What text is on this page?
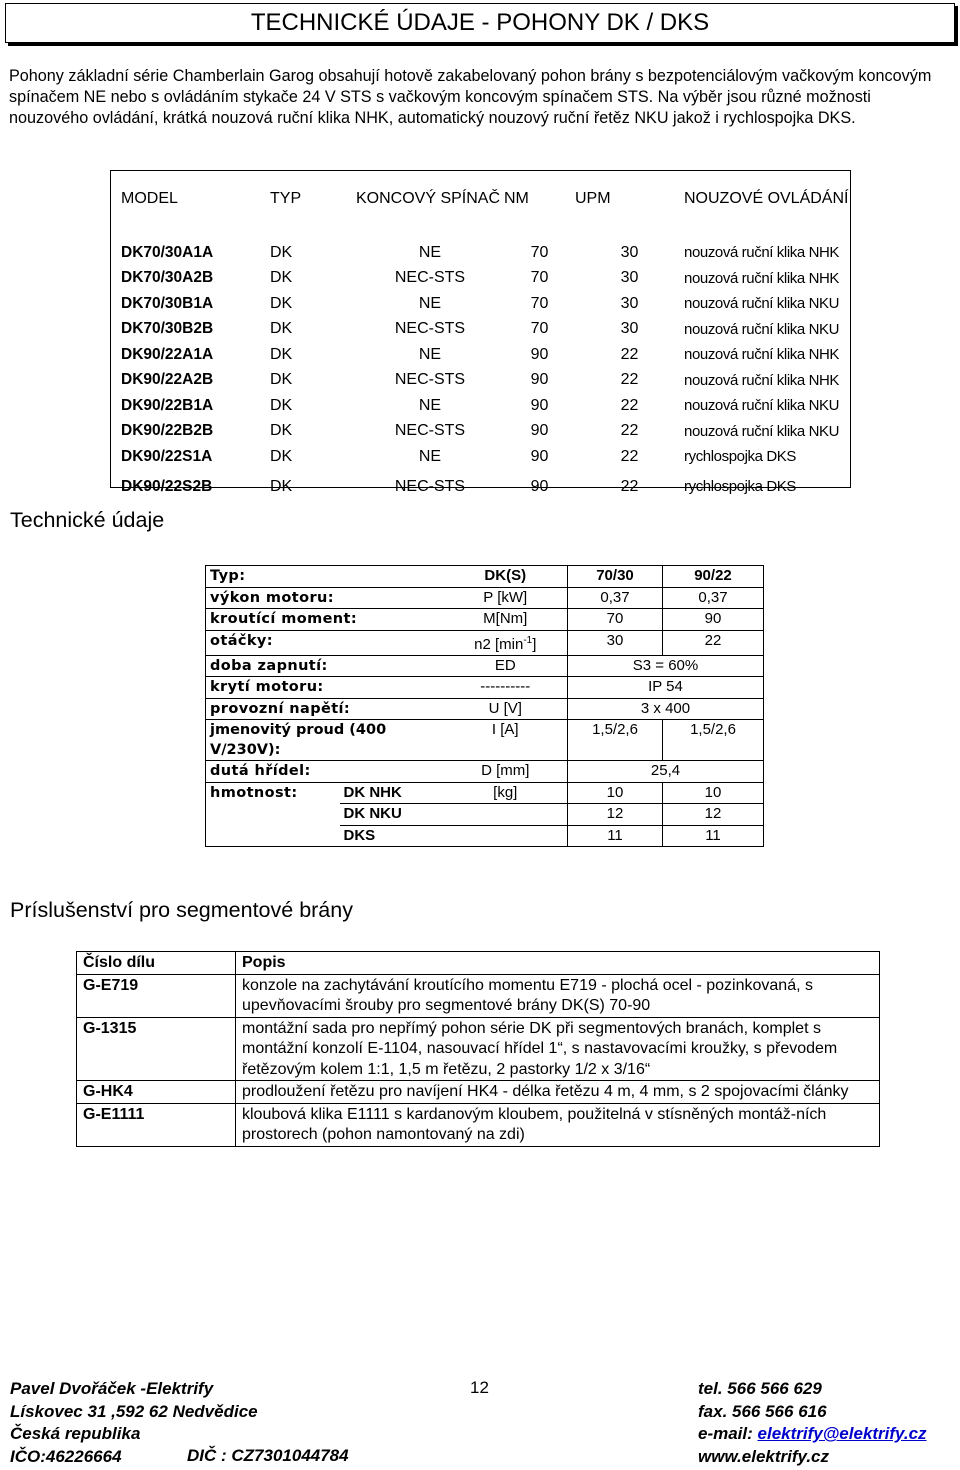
TECHNICKÉ ÚDAJE - POHONY DK / DKS
Pohony základní série Chamberlain Garog obsahují hotově zakabelovaný pohon brány s bezpotenciálovým vačkovým koncovým spínačem NE nebo s ovládáním stykače 24 V STS s vačkovým koncovým spínačem STS. Na výběr jsou různé možnosti nouzového ovládání, krátká nouzová ruční klika NHK, automatický nouzový ruční řetěz NKU jakož i rychlospojka DKS.
MODEL	TYP	KONCOVÝ SPÍNAČ	NM	UPM	NOUZOVÉ OVLÁDÁNÍ

DK70/30A1A	DK	NE	70	30	nouzová ruční klika NHK
DK70/30A2B	DK	NEC-STS	70	30	nouzová ruční klika NHK
DK70/30B1A	DK	NE	70	30	nouzová ruční klika NKU
DK70/30B2B	DK	NEC-STS	70	30	nouzová ruční klika NKU
DK90/22A1A	DK	NE	90	22	nouzová ruční klika NHK
DK90/22A2B	DK	NEC-STS	90	22	nouzová ruční klika NHK
DK90/22B1A	DK	NE	90	22	nouzová ruční klika NKU
DK90/22B2B	DK	NEC-STS	90	22	nouzová ruční klika NKU
DK90/22S1A	DK	NE	90	22	rychlospojka DKS
DK90/22S2B	DK	NEC-STS	90	22	rychlospojka DKS
Technické údaje
Typ:		DK(S)	70/30	90/22
výkon motoru:		P [kW]	0,37	0,37
kroutící moment:		M[Nm]	70	90
otáčky:		n2 $[\min^{-1}]$	30	22
doba zapnutí:		ED	S3 = 60%	
krytí motoru:		----------	IP 54	
provozní napětí:		U [V]	3 x 400	
jmenovitý proud (400 V/230V):		I [A]	1,5/2,6	1,5/2,6
dutá hřídel:		D [mm]	25,4	
hmotnost:	DK NHK	[kg]	10	10
	DK NKU		12	12
	DKS		11	11
Príslušenství pro segmentové brány
Číslo dílu	Popis
G-E719	konzole na zachytávání kroutícího momentu E719 - plochá ocel - pozinkovaná, s upevňovacími šrouby pro segmentové brány DK(S) 70-90
G-1315	montážní sada pro nepřímý pohon série DK při segmentových branách, komplet s montážní konzolí E-1104, nasouvací hřídel 1“, s nastavovacími kroužky, s převodem řetězovým kolem 1:1, 1,5 m řetězu, 2 pastorky 1/2 x 3/16“
G-HK4	prodloužení řetězu pro navíjení HK4 - délka řetězu 4 m, 4 mm, s 2 spojovacími články
G-E1111	kloubová klika E1111 s kardanovým kloubem, použitelná v stísněných montáž-ních prostorech (pohon namontovaný na zdi)
Pavel Dvořáček -Elektrify
Lískovec 31 ,592 62 Nedvědice
Česká republika
IČO:46226664	DIČ : CZ7301044784
12	tel. 566 566 629
fax. 566 566 616
e-mail: elektrify@elektrify.cz
www.elektrify.cz
